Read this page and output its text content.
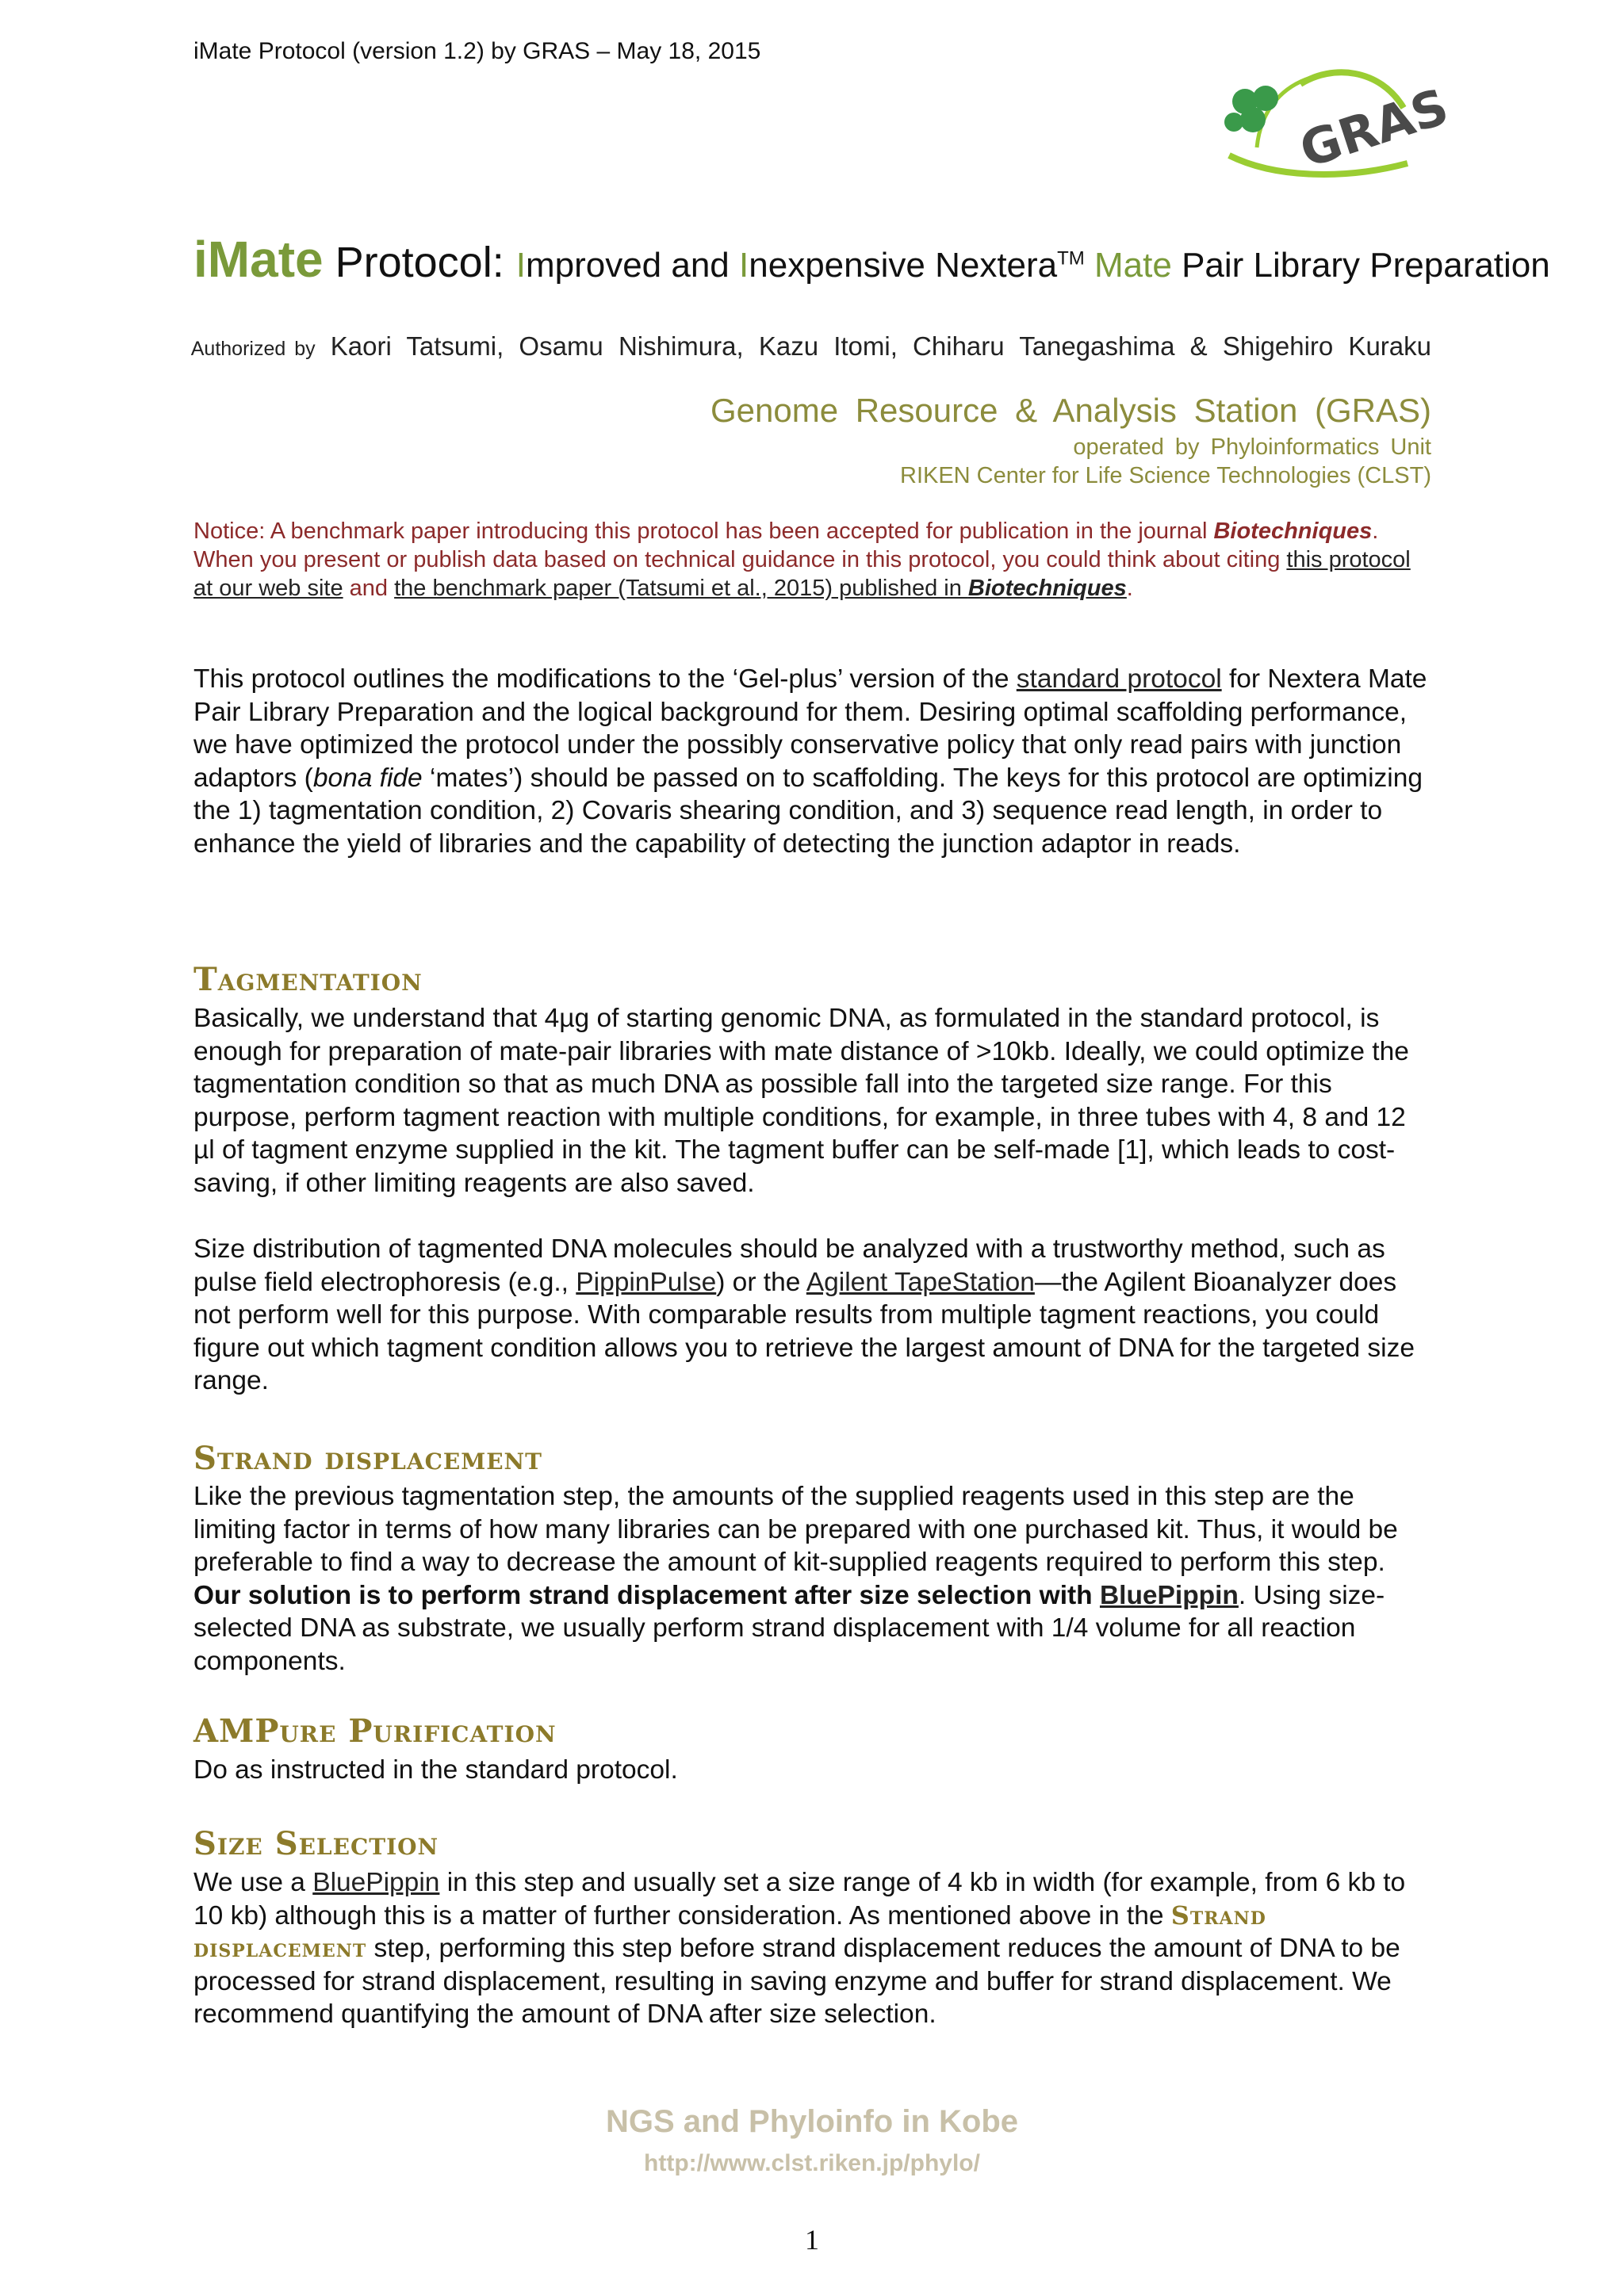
iMate Protocol (version 1.2) by GRAS – May 18, 2015
GRAS
iMate Protocol: Improved and Inexpensive Nextera™ Mate Pair Library Preparation
Authorized by Kaori Tatsumi, Osamu Nishimura, Kazu Itomi, Chiharu Tanegashima & Shigehiro Kuraku
Genome Resource & Analysis Station (GRAS)
operated by Phyloinformatics Unit
RIKEN Center for Life Science Technologies (CLST)
Notice: A benchmark paper introducing this protocol has been accepted for publication in the journal Biotechniques. When you present or publish data based on technical guidance in this protocol, you could think about citing this protocol at our web site and the benchmark paper (Tatsumi et al., 2015) published in Biotechniques.

This protocol outlines the modifications to the ‘Gel-plus’ version of the standard protocol for Nextera Mate Pair Library Preparation and the logical background for them. Desiring optimal scaffolding performance, we have optimized the protocol under the possibly conservative policy that only read pairs with junction adaptors (bona fide ‘mates’) should be passed on to scaffolding. The keys for this protocol are optimizing the 1) tagmentation condition, 2) Covaris shearing condition, and 3) sequence read length, in order to enhance the yield of libraries and the capability of detecting the junction adaptor in reads.

Tagmentation

Basically, we understand that 4µg of starting genomic DNA, as formulated in the standard protocol, is enough for preparation of mate-pair libraries with mate distance of >10kb. Ideally, we could optimize the tagmentation condition so that as much DNA as possible fall into the targeted size range. For this purpose, perform tagment reaction with multiple conditions, for example, in three tubes with 4, 8 and 12 µl of tagment enzyme supplied in the kit. The tagment buffer can be self-made [1], which leads to cost-saving, if other limiting reagents are also saved.

Size distribution of tagmented DNA molecules should be analyzed with a trustworthy method, such as pulse field electrophoresis (e.g., PippinPulse) or the Agilent TapeStation—the Agilent Bioanalyzer does not perform well for this purpose. With comparable results from multiple tagment reactions, you could figure out which tagment condition allows you to retrieve the largest amount of DNA for the targeted size range.

Strand displacement

Like the previous tagmentation step, the amounts of the supplied reagents used in this step are the limiting factor in terms of how many libraries can be prepared with one purchased kit. Thus, it would be preferable to find a way to decrease the amount of kit-supplied reagents required to perform this step. Our solution is to perform strand displacement after size selection with BluePippin. Using size-selected DNA as substrate, we usually perform strand displacement with 1/4 volume for all reaction components.

AMPure Purification

Do as instructed in the standard protocol.

Size Selection

We use a BluePippin in this step and usually set a size range of 4 kb in width (for example, from 6 kb to 10 kb) although this is a matter of further consideration. As mentioned above in the Strand displacement step, performing this step before strand displacement reduces the amount of DNA to be processed for strand displacement, resulting in saving enzyme and buffer for strand displacement. We recommend quantifying the amount of DNA after size selection.

NGS and Phyloinfo in Kobe
http://www.clst.riken.jp/phylo/
1
